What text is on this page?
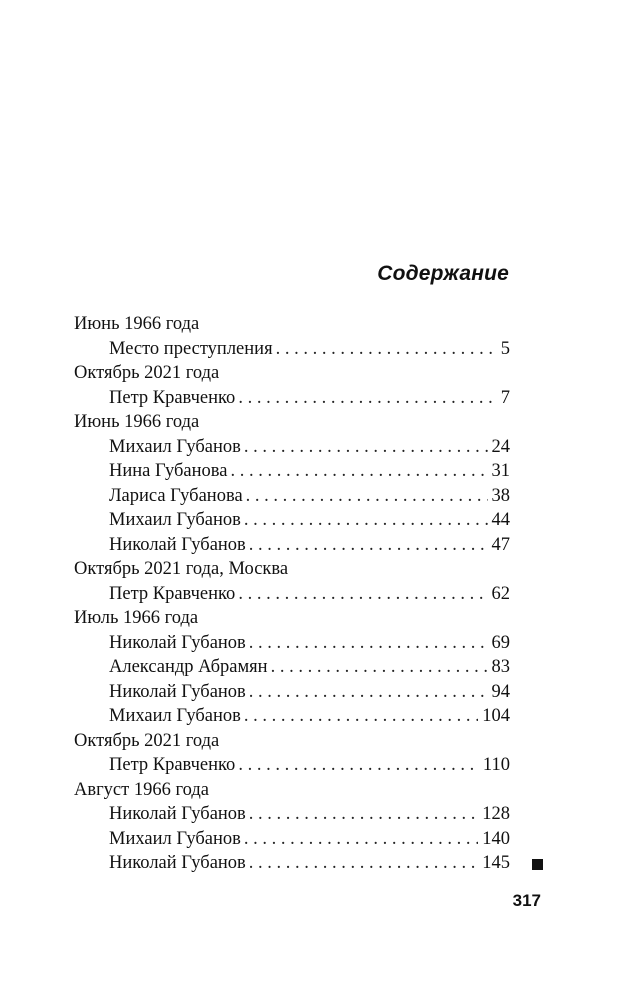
Содержание
Июнь 1966 года
Место преступления . . .	5
Октябрь 2021 года
Петр Кравченко . . .	7
Июнь 1966 года
Михаил Губанов . . .	24
Нина Губанова . . .	31
Лариса Губанова . . .	38
Михаил Губанов . . .	44
Николай Губанов . . .	47
Октябрь 2021 года, Москва
Петр Кравченко . . .	62
Июль 1966 года
Николай Губанов . . .	69
Александр Абрамян . . .	83
Николай Губанов . . .	94
Михаил Губанов . . .	104
Октябрь 2021 года
Петр Кравченко . . .	110
Август 1966 года
Николай Губанов . . .	128
Михаил Губанов . . .	140
Николай Губанов . . .	145
317
